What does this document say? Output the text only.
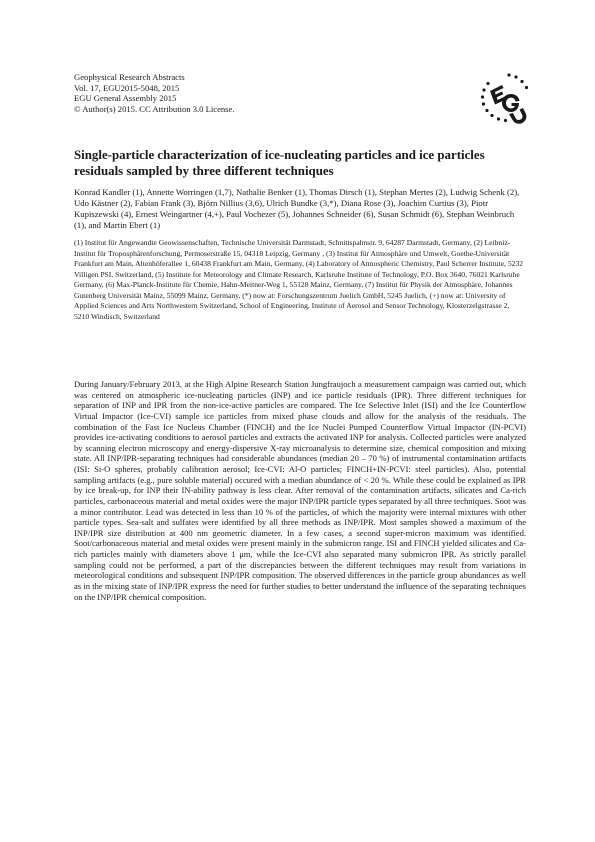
Geophysical Research Abstracts
Vol. 17, EGU2015-5048, 2015
EGU General Assembly 2015
© Author(s) 2015. CC Attribution 3.0 License.
Single-particle characterization of ice-nucleating particles and ice particles residuals sampled by three different techniques

Konrad Kandler (1), Annette Worringen (1,7), Nathalie Benker (1), Thomas Dirsch (1), Stephan Mertes (2), Ludwig Schenk (2), Udo Kästner (2), Fabian Frank (3), Björn Nillius (3,6), Ulrich Bundke (3,*), Diana Rose (3), Joachim Curtius (3), Piotr Kupiszewski (4), Ernest Weingartner (4,+), Paul Vochezer (5), Johannes Schneider (6), Susan Schmidt (6), Stephan Weinbruch (1), and Martin Ebert (1)

(1) Institut für Angewandte Geowissenschaften, Technische Universität Darmstadt, Schnittspahnstr. 9, 64287 Darmstadt, Germany, (2) Leibniz-Institut für Troposphärenforschung, Permoserstraße 15, 04318 Leipzig, Germany , (3) Institut für Atmosphäre und Umwelt, Goethe-Universität Frankfurt am Main, Altenhöferallee 1, 60438 Frankfurt am Main, Germany, (4) Laboratory of Atmospheric Chemistry, Paul Scherrer Institute, 5232 Villigen PSI, Switzerland, (5) Institute for Meteorology and Climate Research, Karlsruhe Institute of Technology, P.O. Box 3640, 76021 Karlsruhe Germany, (6) Max-Planck-Institute für Chemie, Hahn-Meitner-Weg 1, 55128 Mainz, Germany, (7) Institut für Physik der Atmosphäre, Johannes Gutenberg Universität Mainz, 55099 Mainz, Germany, (*) now at: Forschungszentrum Juelich GmbH, 5245 Juelich, (+) now at: University of Applied Sciences and Arts Northwestern Switzerland, School of Engineering, Institute of Aerosol and Sensor Technology, Klosterzelgstrasse 2, 5210 Windisch, Switzerland

During January/February 2013, at the High Alpine Research Station Jungfraujoch a measurement campaign was carried out, which was centered on atmospheric ice-nucleating particles (INP) and ice particle residuals (IPR). Three different techniques for separation of INP and IPR from the non-ice-active particles are compared. The Ice Selective Inlet (ISI) and the Ice Counterflow Virtual Impactor (Ice-CVI) sample ice particles from mixed phase clouds and allow for the analysis of the residuals. The combination of the Fast Ice Nucleus Chamber (FINCH) and the Ice Nuclei Pumped Counterflow Virtual Impactor (IN-PCVI) provides ice-activating conditions to aerosol particles and extracts the activated INP for analysis. Collected particles were analyzed by scanning electron microscopy and energy-dispersive X-ray microanalysis to determine size, chemical composition and mixing state. All INP/IPR-separating techniques had considerable abundances (median 20 – 70 %) of instrumental contamination artifacts (ISI: Si-O spheres, probably calibration aerosol; Ice-CVI: Al-O particles; FINCH+IN-PCVI: steel particles). Also, potential sampling artifacts (e.g., pure soluble material) occured with a median abundance of < 20 %. While these could be explained as IPR by ice break-up, for INP their IN-ability pathway is less clear. After removal of the contamination artifacts, silicates and Ca-rich particles, carbonaceous material and metal oxides were the major INP/IPR particle types separated by all three techniques. Soot was a minor contributor. Lead was detected in less than 10 % of the particles, of which the majority were internal mixtures with other particle types. Sea-salt and sulfates were identified by all three methods as INP/IPR. Most samples showed a maximum of the INP/IPR size distribution at 400 nm geometric diameter. In a few cases, a second super-micron maximum was identified. Soot/carbonaceous material and metal oxides were present mainly in the submicron range. ISI and FINCH yielded silicates and Ca-rich particles mainly with diameters above 1 μm, while the Ice-CVI also separated many submicron IPR. As strictly parallel sampling could not be performed, a part of the discrepancies between the different techniques may result from variations in meteorological conditions and subsequent INP/IPR composition. The observed differences in the particle group abundances as well as in the mixing state of INP/IPR express the need for further studies to better understand the influence of the separating techniques on the INP/IPR chemical composition.
